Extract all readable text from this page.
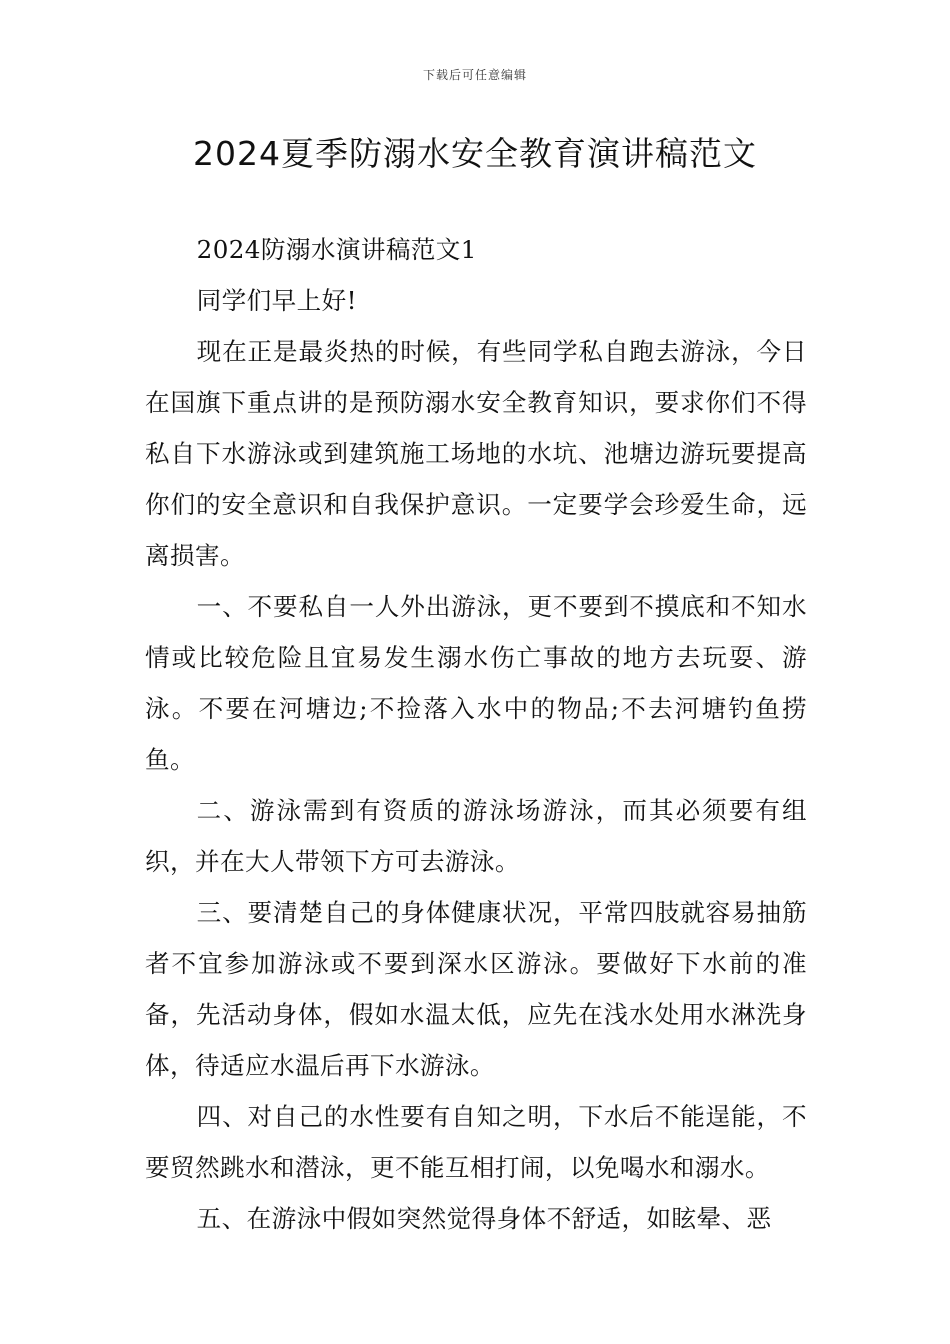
下载后可任意编辑
2024夏季防溺水安全教育演讲稿范文

2024防溺水演讲稿范文1

同学们早上好!

现在正是最炎热的时候，有些同学私自跑去游泳，今日在国旗下重点讲的是预防溺水安全教育知识，要求你们不得私自下水游泳或到建筑施工场地的水坑、池塘边游玩要提高你们的安全意识和自我保护意识。一定要学会珍爱生命，远离损害。

一、不要私自一人外出游泳，更不要到不摸底和不知水情或比较危险且宜易发生溺水伤亡事故的地方去玩耍、游泳。不要在河塘边;不捡落入水中的物品;不去河塘钓鱼捞鱼。

二、游泳需到有资质的游泳场游泳，而其必须要有组织，并在大人带领下方可去游泳。

三、要清楚自己的身体健康状况，平常四肢就容易抽筋者不宜参加游泳或不要到深水区游泳。要做好下水前的准备，先活动身体，假如水温太低，应先在浅水处用水淋洗身体，待适应水温后再下水游泳。

四、对自己的水性要有自知之明，下水后不能逞能，不要贸然跳水和潜泳，更不能互相打闹，以免喝水和溺水。

五、在游泳中假如突然觉得身体不舒适，如眩晕、恶
